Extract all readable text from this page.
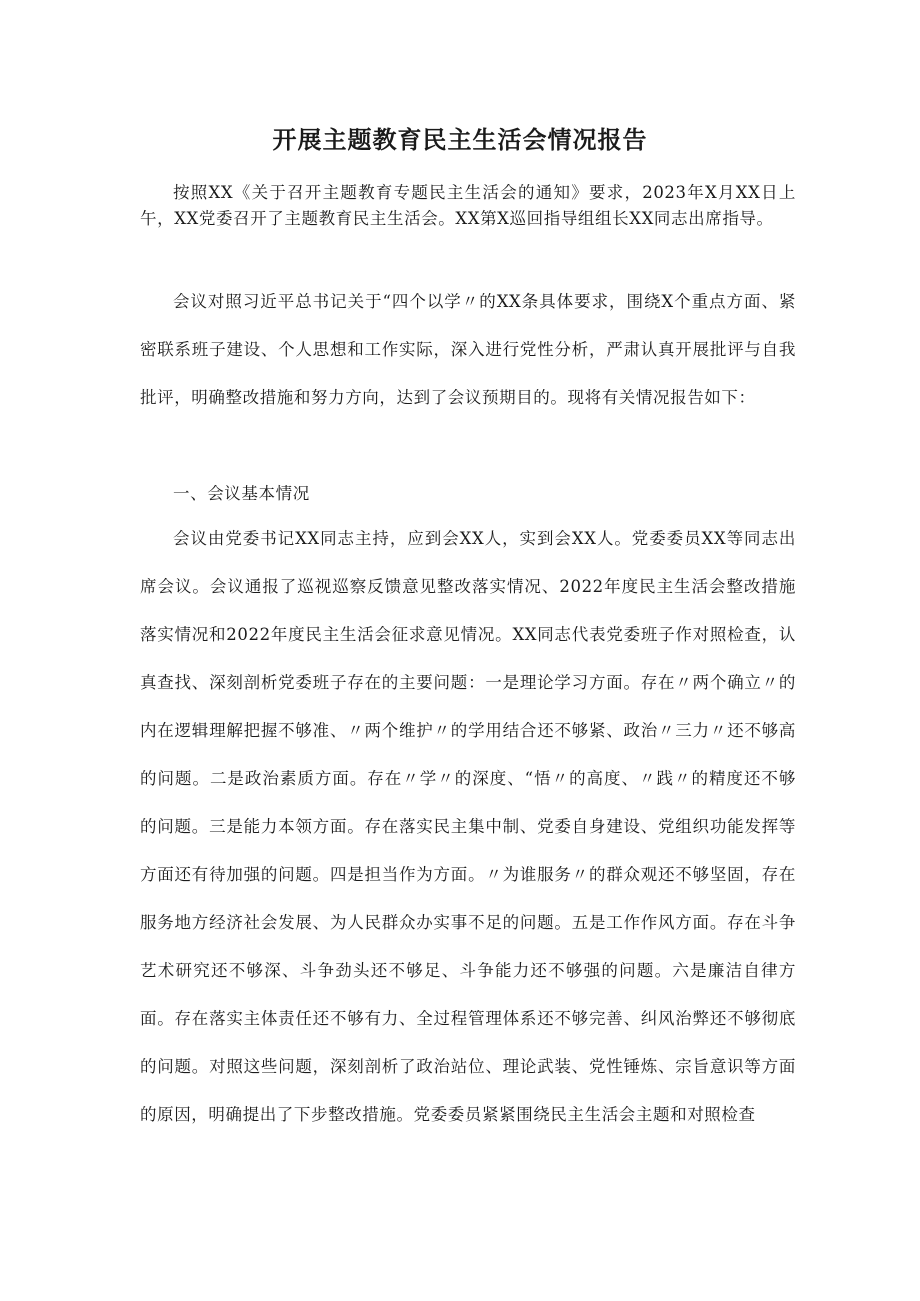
开展主题教育民主生活会情况报告

按照XX《关于召开主题教育专题民主生活会的通知》要求，2023年X月XX日上午，XX党委召开了主题教育民主生活会。XX第X巡回指导组组长XX同志出席指导。

会议对照习近平总书记关于“四个以学〃的XX条具体要求，围绕X个重点方面、紧密联系班子建设、个人思想和工作实际，深入进行党性分析，严肃认真开展批评与自我批评，明确整改措施和努力方向，达到了会议预期目的。现将有关情况报告如下：

一、会议基本情况

会议由党委书记XX同志主持，应到会XX人，实到会XX人。党委委员XX等同志出席会议。会议通报了巡视巡察反馈意见整改落实情况、2022年度民主生活会整改措施落实情况和2022年度民主生活会征求意见情况。XX同志代表党委班子作对照检查，认真查找、深刻剖析党委班子存在的主要问题：一是理论学习方面。存在〃两个确立〃的内在逻辑理解把握不够准、〃两个维护〃的学用结合还不够紧、政治〃三力〃还不够高的问题。二是政治素质方面。存在〃学〃的深度、“悟〃的高度、〃践〃的精度还不够的问题。三是能力本领方面。存在落实民主集中制、党委自身建设、党组织功能发挥等方面还有待加强的问题。四是担当作为方面。〃为谁服务〃的群众观还不够坚固，存在服务地方经济社会发展、为人民群众办实事不足的问题。五是工作作风方面。存在斗争艺术研究还不够深、斗争劲头还不够足、斗争能力还不够强的问题。六是廉洁自律方面。存在落实主体责任还不够有力、全过程管理体系还不够完善、纠风治弊还不够彻底的问题。对照这些问题，深刻剖析了政治站位、理论武装、党性锤炼、宗旨意识等方面的原因，明确提出了下步整改措施。党委委员紧紧围绕民主生活会主题和对照检查
